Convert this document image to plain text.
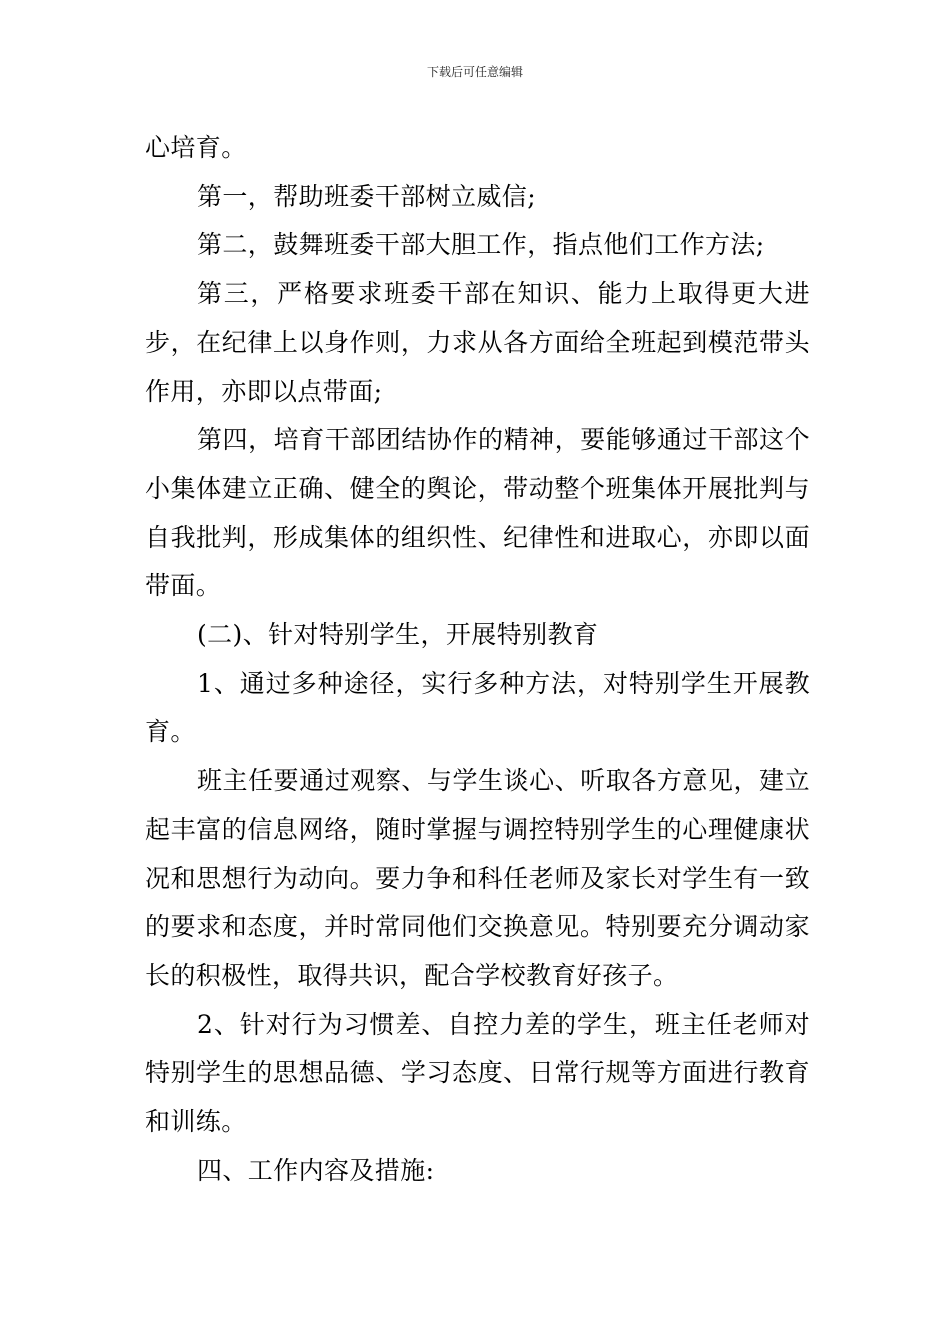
下载后可任意编辑

心培育。

第一，帮助班委干部树立威信;

第二，鼓舞班委干部大胆工作，指点他们工作方法;

第三，严格要求班委干部在知识、能力上取得更大进步，在纪律上以身作则，力求从各方面给全班起到模范带头作用，亦即以点带面;

第四，培育干部团结协作的精神，要能够通过干部这个小集体建立正确、健全的舆论，带动整个班集体开展批判与自我批判，形成集体的组织性、纪律性和进取心，亦即以面带面。

(二)、针对特别学生，开展特别教育

1、通过多种途径，实行多种方法，对特别学生开展教育。

班主任要通过观察、与学生谈心、听取各方意见，建立起丰富的信息网络，随时掌握与调控特别学生的心理健康状况和思想行为动向。要力争和科任老师及家长对学生有一致的要求和态度，并时常同他们交换意见。特别要充分调动家长的积极性，取得共识，配合学校教育好孩子。

2、针对行为习惯差、自控力差的学生，班主任老师对特别学生的思想品德、学习态度、日常行规等方面进行教育和训练。

四、工作内容及措施:
